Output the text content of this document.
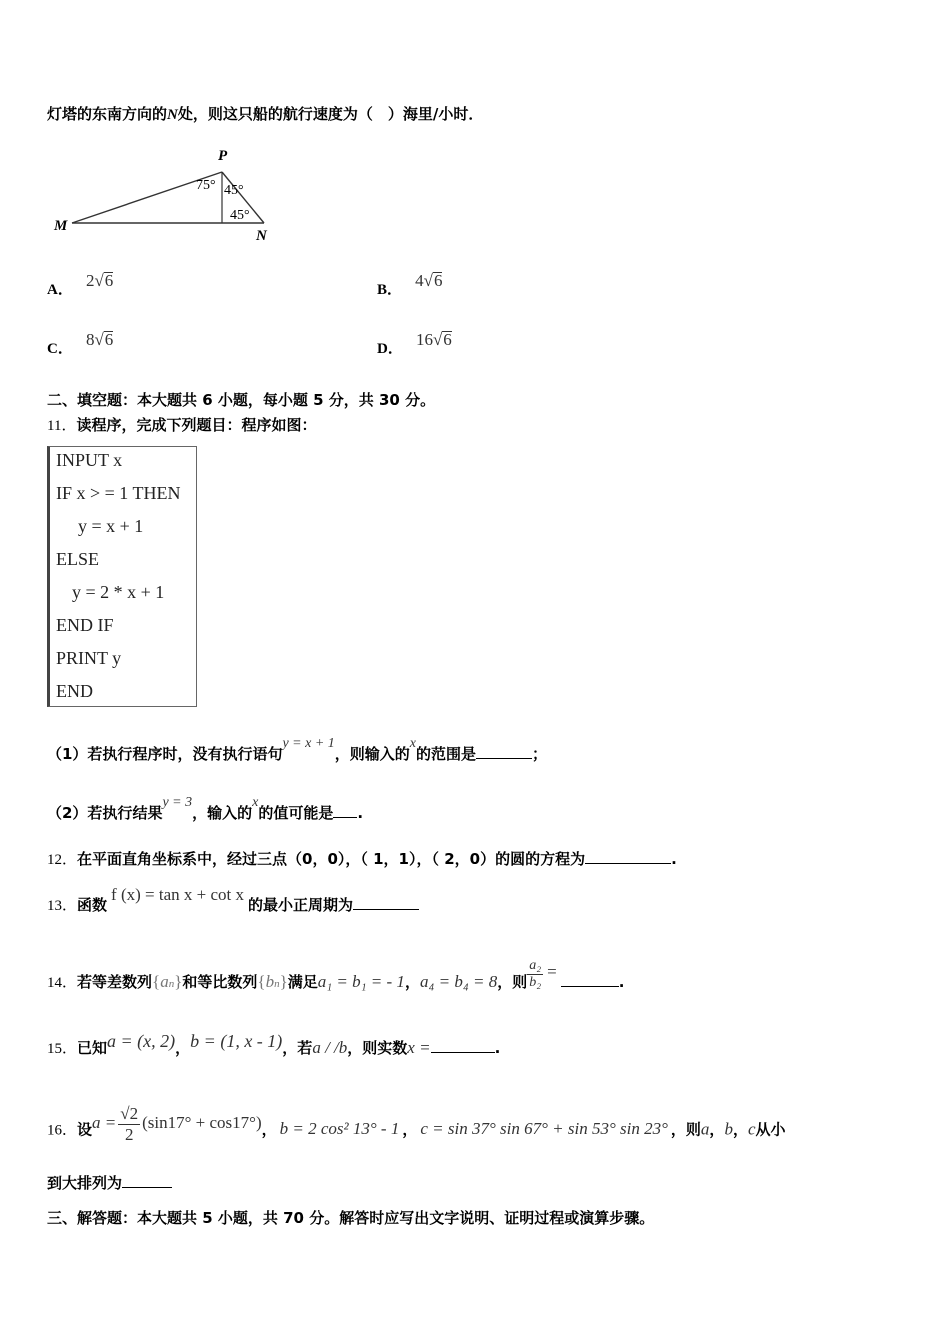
灯塔的东南方向的N处，则这只船的航行速度为（　）海里/小时．
P
M
N
75° 45°
45°
A． 2√6	B． 4√6
C． 8√6	D． 16√6
二、填空题：本大题共 6 小题，每小题 5 分，共 30 分。
11．读程序，完成下列题目：程序如图：
INPUT x
IF x > = 1 THEN
y = x + 1
ELSE
y = 2 * x + 1
END IF
PRINT y
END
（1）若执行程序时，没有执行语句y = x + 1，则输入的x的范围是	；
（2）若执行结果y = 3，输入的x的值可能是 .
12．在平面直角坐标系中，经过三点（0，0），（ 1，1），（ 2，0）的圆的方程为	.
13．函数f (x) = tan x + cot x的最小正周期为
14．若等差数列{an}和等比数列{bn}满足a₁ = b₁ = - 1，a₄ = b₄ = 8，则 $\frac{\text{a₂}}{\text{b₂}}$ =.
15．已知a = (x, 2)，b = (1, x - 1)，若a / /b，则实数x =	.
16．设$a = \frac{√2}{2} (\sin 17^\circ + \cos 17^\circ)$， b = 2 cos² 13° - 1 ， c = sin 37° sin 67° + sin 53° sin 23° ，则a，b，c从小
到大排列为
三、解答题：本大题共 5 小题，共 70 分。解答时应写出文字说明、证明过程或演算步骤。
